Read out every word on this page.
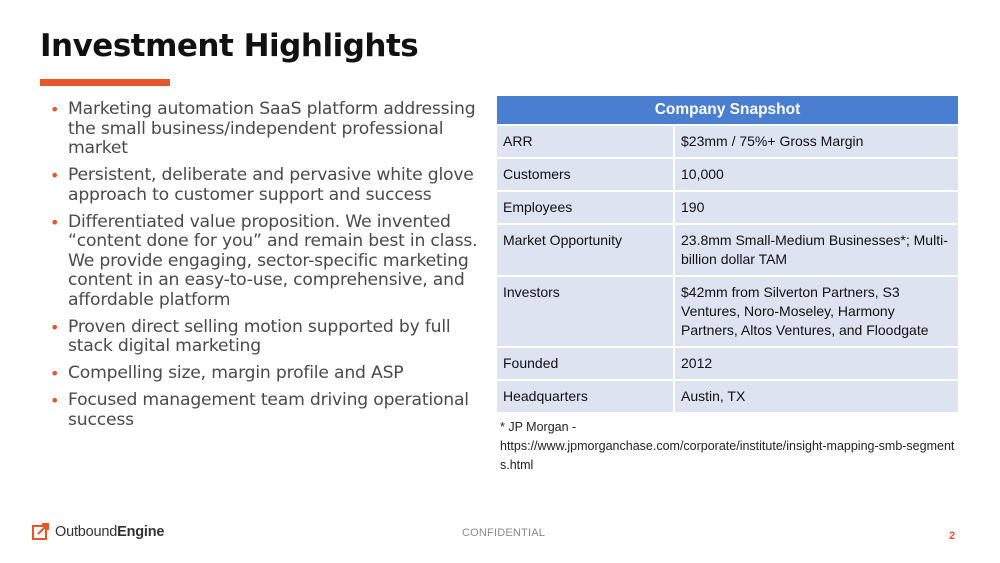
Investment Highlights
• Marketing automation SaaS platform addressing the small business/independent professional market
• Persistent, deliberate and pervasive white glove approach to customer support and success
• Differentiated value proposition. We invented “content done for you” and remain best in class. We provide engaging, sector-specific marketing content in an easy-to-use, comprehensive, and affordable platform
• Proven direct selling motion supported by full stack digital marketing
• Compelling size, margin profile and ASP
• Focused management team driving operational success
Company Snapshot	
ARR	$23mm / 75%+ Gross Margin
Customers	10,000
Employees	190
Market Opportunity	23.8mm Small-Medium Businesses*; Multi-billion dollar TAM
Investors	$42mm from Silverton Partners, S3 Ventures, Noro-Moseley, Harmony Partners, Altos Ventures, and Floodgate
Founded	2012
Headquarters	Austin, TX
* JP Morgan -
https://www.jpmorganchase.com/corporate/institute/insight-mapping-smb-segments.html
OutboundEngine	CONFIDENTIAL	2
